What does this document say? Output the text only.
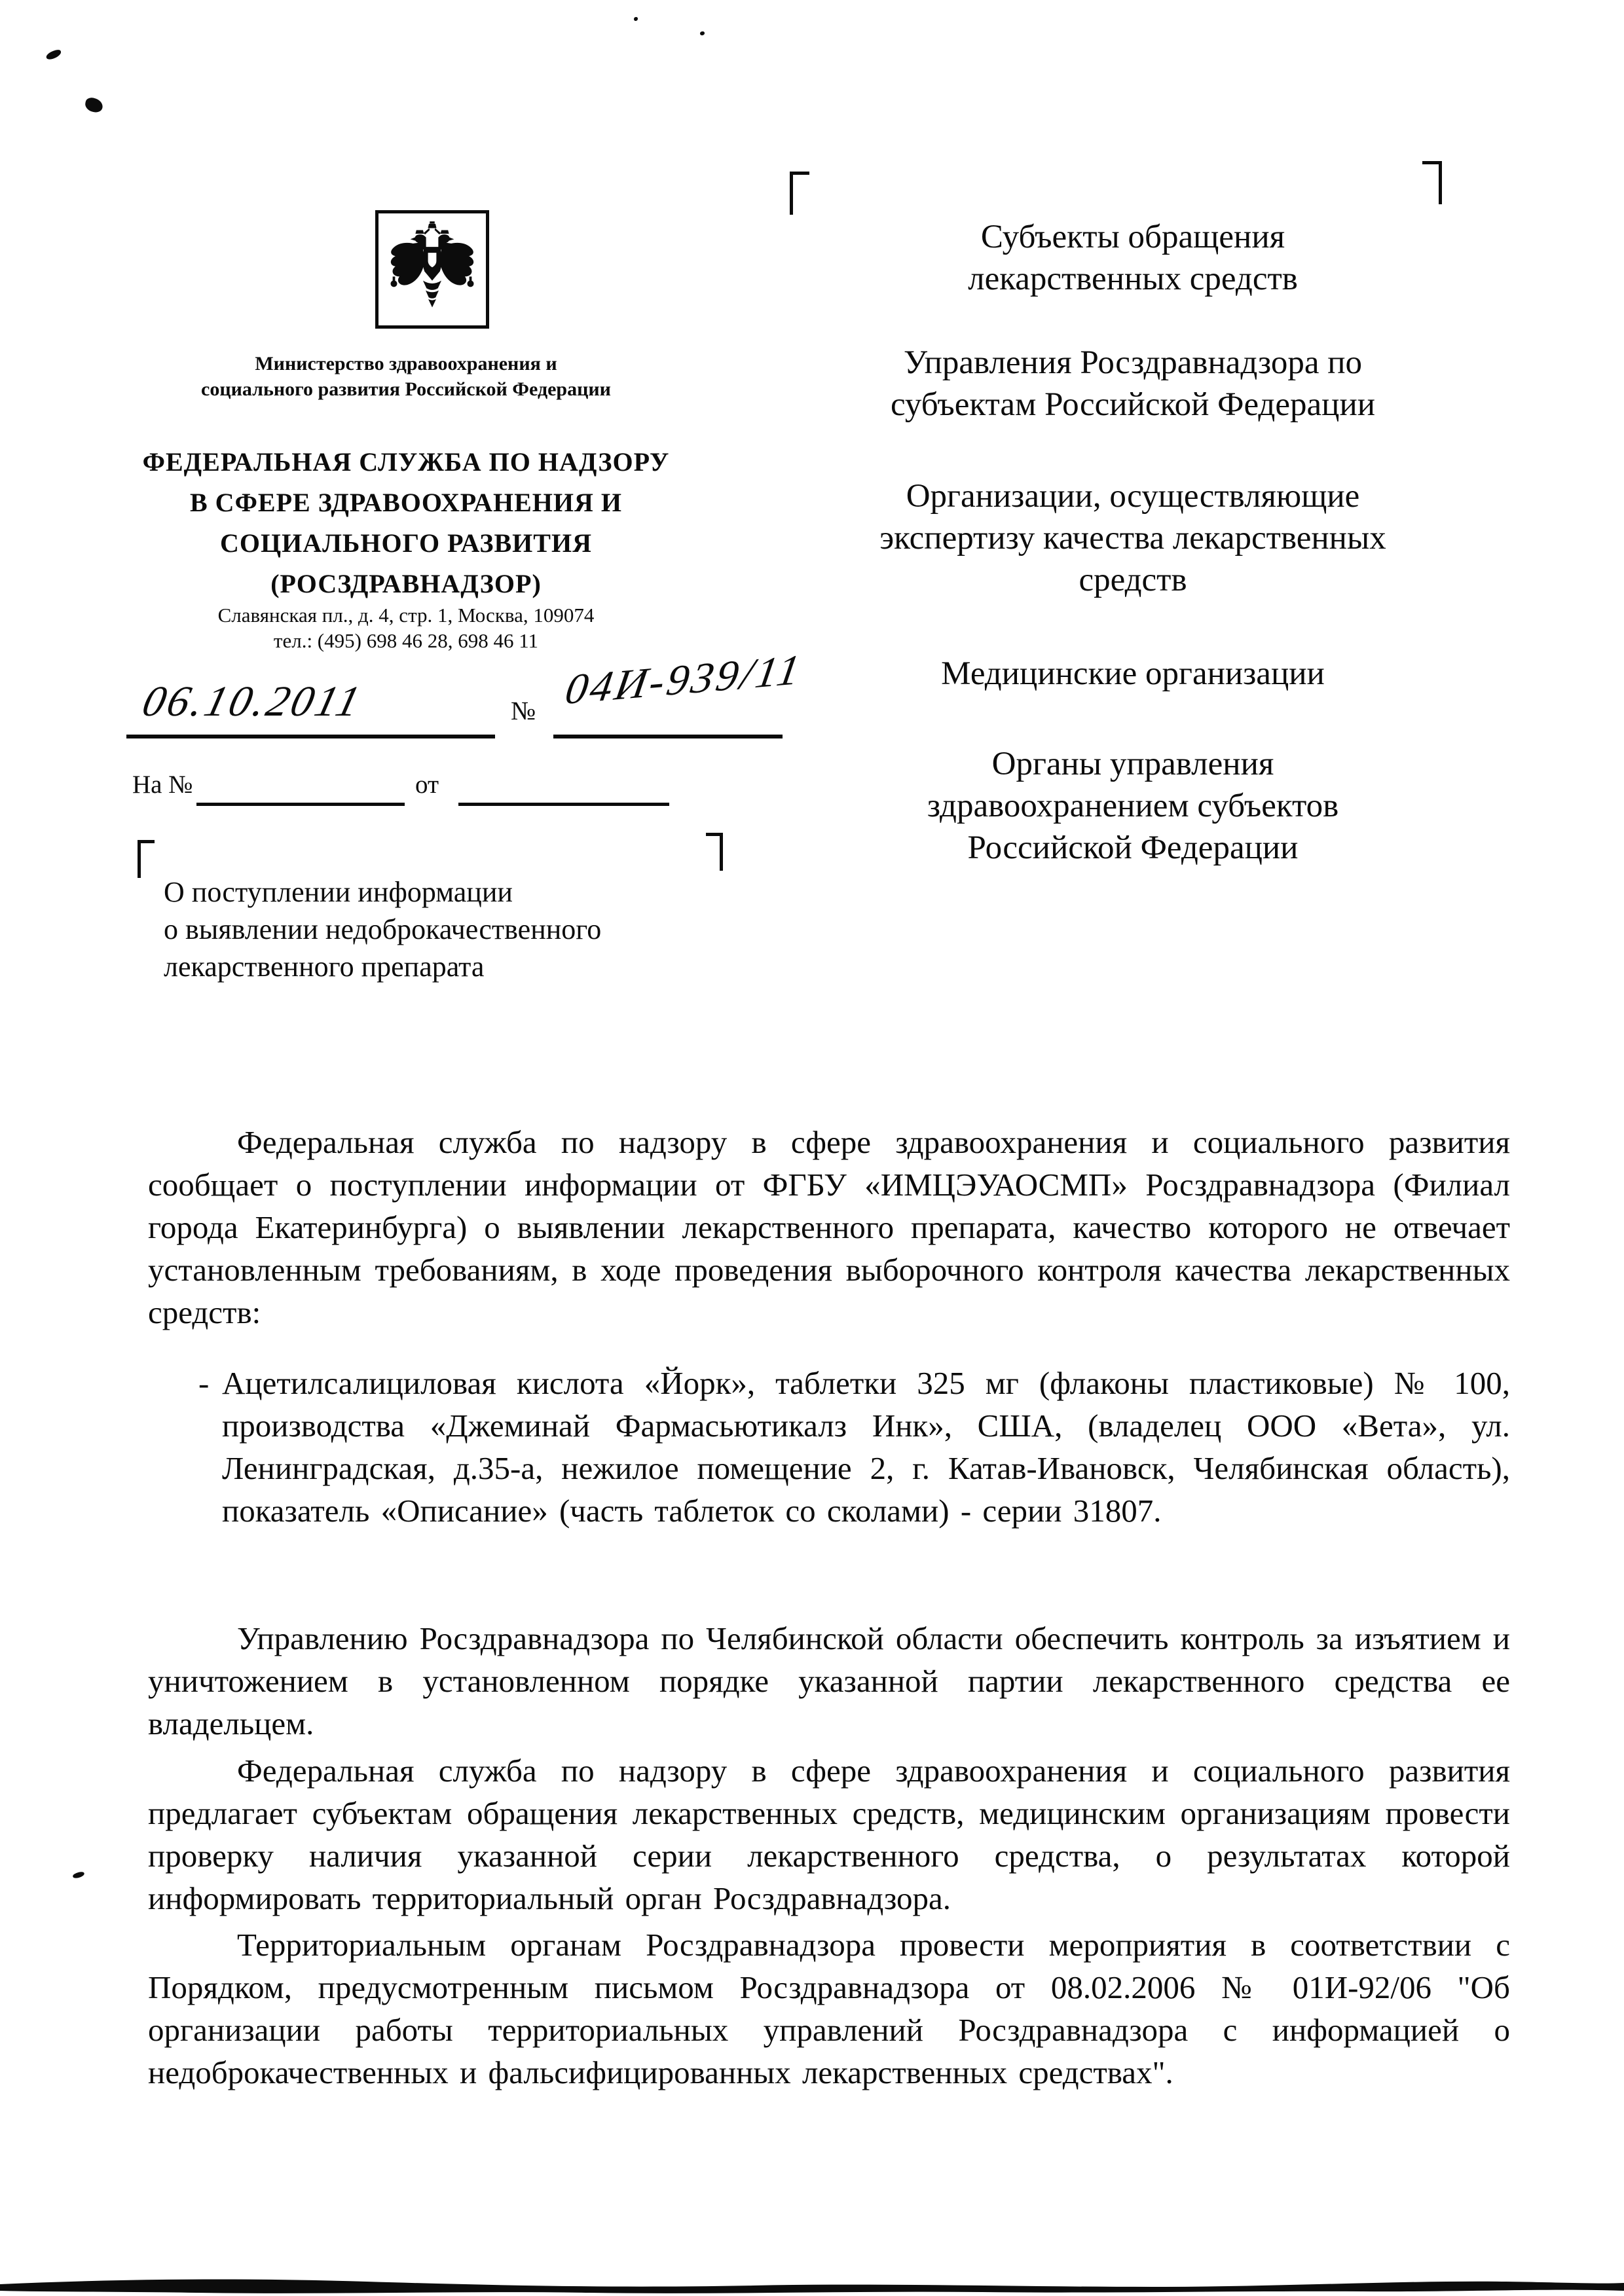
Министерство здравоохранения и
социального развития Российской Федерации
ФЕДЕРАЛЬНАЯ СЛУЖБА ПО НАДЗОРУ
В СФЕРЕ ЗДРАВООХРАНЕНИЯ И
СОЦИАЛЬНОГО РАЗВИТИЯ
(РОСЗДРАВНАДЗОР)
Славянская пл., д. 4, стр. 1, Москва, 109074
тел.: (495) 698 46 28, 698 46 11
06.10.2011	№ 04И-939/11
На №	от
О поступлении информации
о выявлении недоброкачественного
лекарственного препарата
Субъекты обращения
лекарственных средств
Управления Росздравнадзора по
субъектам Российской Федерации
Организации, осуществляющие
экспертизу качества лекарственных
средств
Медицинские организации
Органы управления
здравоохранением субъектов
Российской Федерации

Федеральная служба по надзору в сфере здравоохранения и социального развития сообщает о поступлении информации от ФГБУ «ИМЦЭУАОСМП» Росздравнадзора (Филиал города Екатеринбурга) о выявлении лекарственного препарата, качество которого не отвечает установленным требованиям, в ходе проведения выборочного контроля качества лекарственных средств:

- Ацетилсалициловая кислота «Йорк», таблетки 325 мг (флаконы пластиковые) № 100, производства «Джеминай Фармасьютикалз Инк», США, (владелец ООО «Вета», ул. Ленинградская, д.35-а, нежилое помещение 2, г. Катав-Ивановск, Челябинская область), показатель «Описание» (часть таблеток со сколами) - серии 31807.

Управлению Росздравнадзора по Челябинской области обеспечить контроль за изъятием и уничтожением в установленном порядке указанной партии лекарственного средства ее владельцем.

Федеральная служба по надзору в сфере здравоохранения и социального развития предлагает субъектам обращения лекарственных средств, медицинским организациям провести проверку наличия указанной серии лекарственного средства, о результатах которой информировать территориальный орган Росздравнадзора.

Территориальным органам Росздравнадзора провести мероприятия в соответствии с Порядком, предусмотренным письмом Росздравнадзора от 08.02.2006 № 01И-92/06 "Об организации работы территориальных управлений Росздравнадзора с информацией о недоброкачественных и фальсифицированных лекарственных средствах".
